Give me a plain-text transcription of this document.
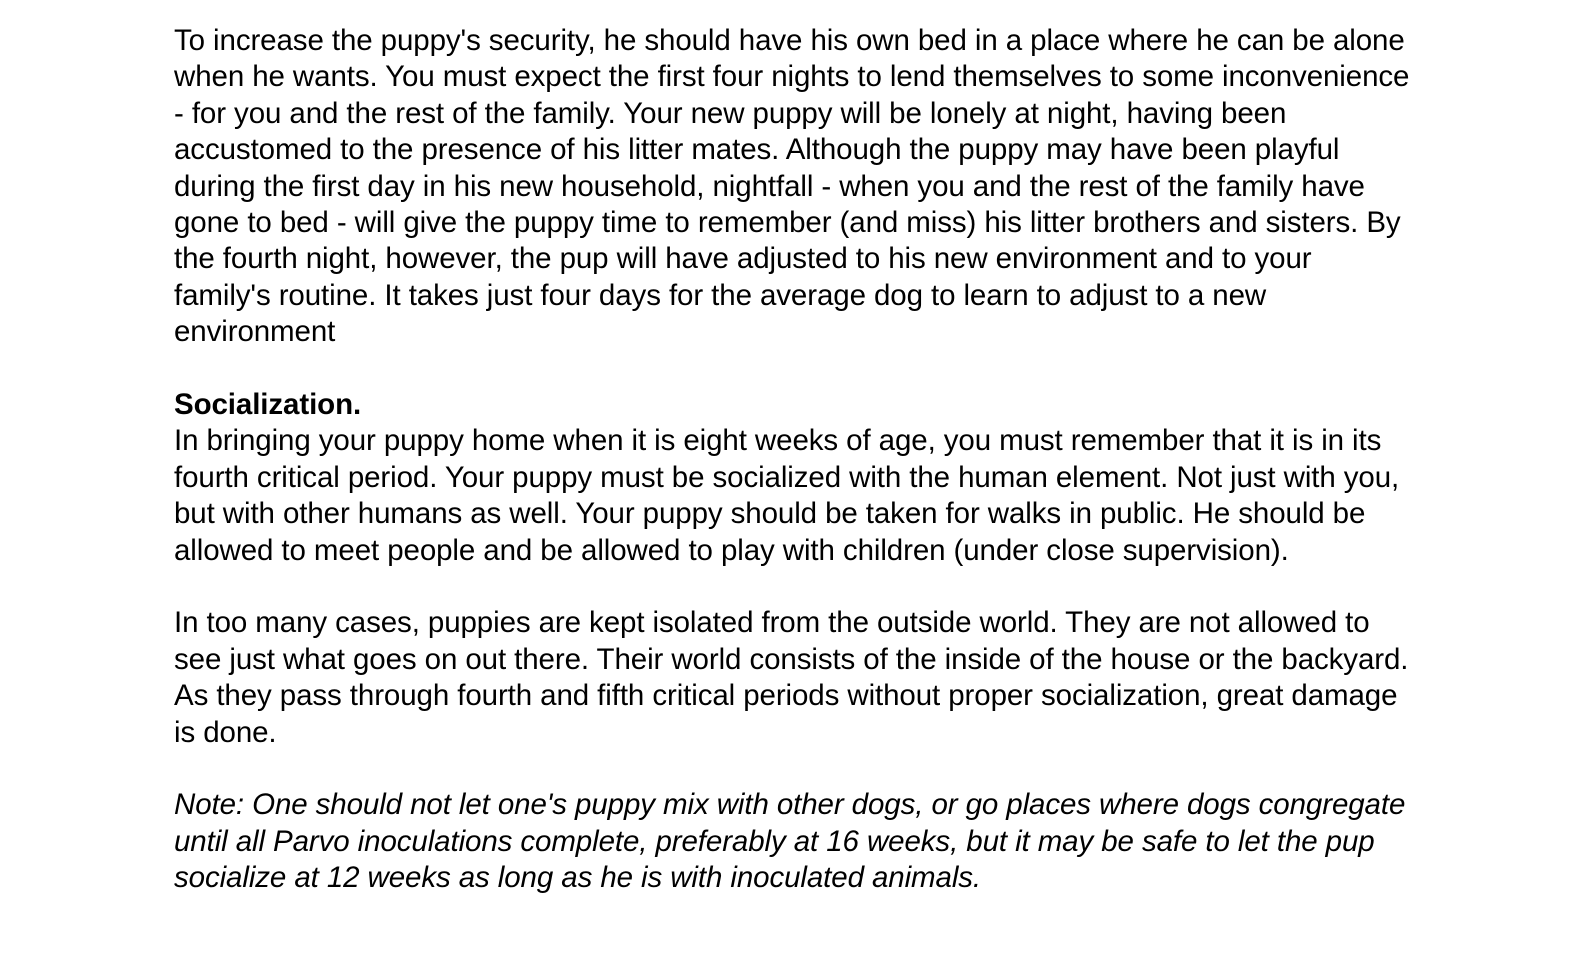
To increase the puppy's security, he should have his own bed in a place where he can be alone when he wants. You must expect the first four nights to lend themselves to some inconvenience - for you and the rest of the family. Your new puppy will be lonely at night, having been accustomed to the presence of his litter mates. Although the puppy may have been playful during the first day in his new household, nightfall - when you and the rest of the family have gone to bed - will give the puppy time to remember (and miss) his litter brothers and sisters. By the fourth night, however, the pup will have adjusted to his new environment and to your family's routine. It takes just four days for the average dog to learn to adjust to a new environment

Socialization.

In bringing your puppy home when it is eight weeks of age, you must remember that it is in its fourth critical period. Your puppy must be socialized with the human element. Not just with you, but with other humans as well. Your puppy should be taken for walks in public. He should be allowed to meet people and be allowed to play with children (under close supervision).

In too many cases, puppies are kept isolated from the outside world. They are not allowed to see just what goes on out there. Their world consists of the inside of the house or the backyard. As they pass through fourth and fifth critical periods without proper socialization, great damage is done.

Note: One should not let one's puppy mix with other dogs, or go places where dogs congregate until all Parvo inoculations complete, preferably at 16 weeks, but it may be safe to let the pup socialize at 12 weeks as long as he is with inoculated animals.
